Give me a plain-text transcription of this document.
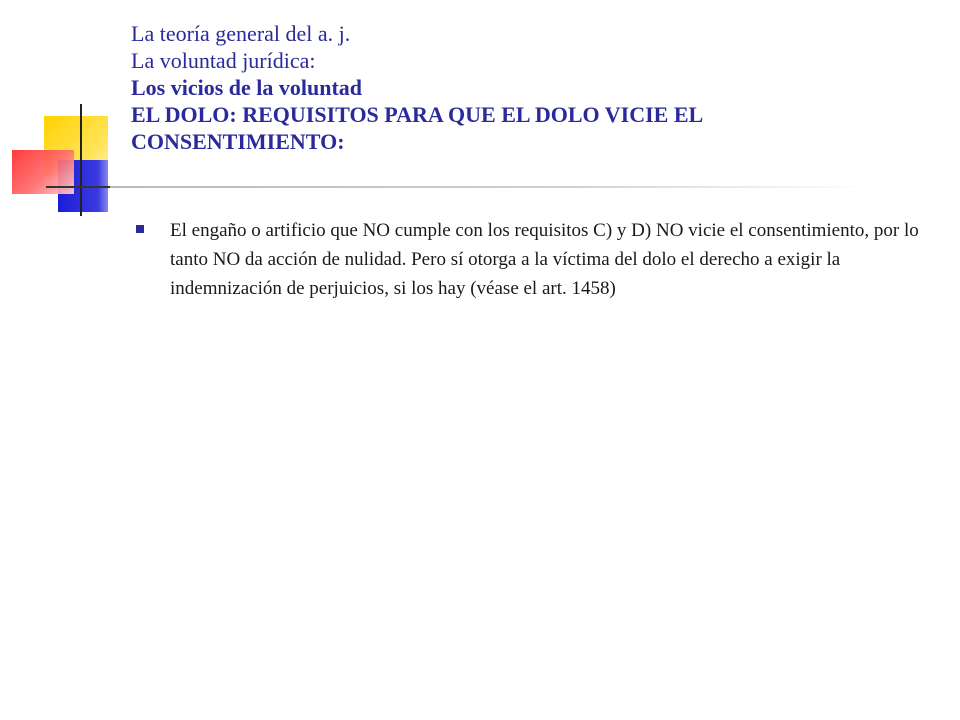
La teoría general del a. j.
La voluntad jurídica:
Los vicios de la voluntad
EL DOLO: REQUISITOS PARA QUE EL DOLO VICIE EL
CONSENTIMIENTO:
El engaño o artificio que NO cumple con los requisitos C) y D) NO vicie el consentimiento, por lo tanto NO da acción de nulidad. Pero sí otorga a la víctima del dolo el derecho a exigir la indemnización de perjuicios, si los hay (véase el art. 1458)
